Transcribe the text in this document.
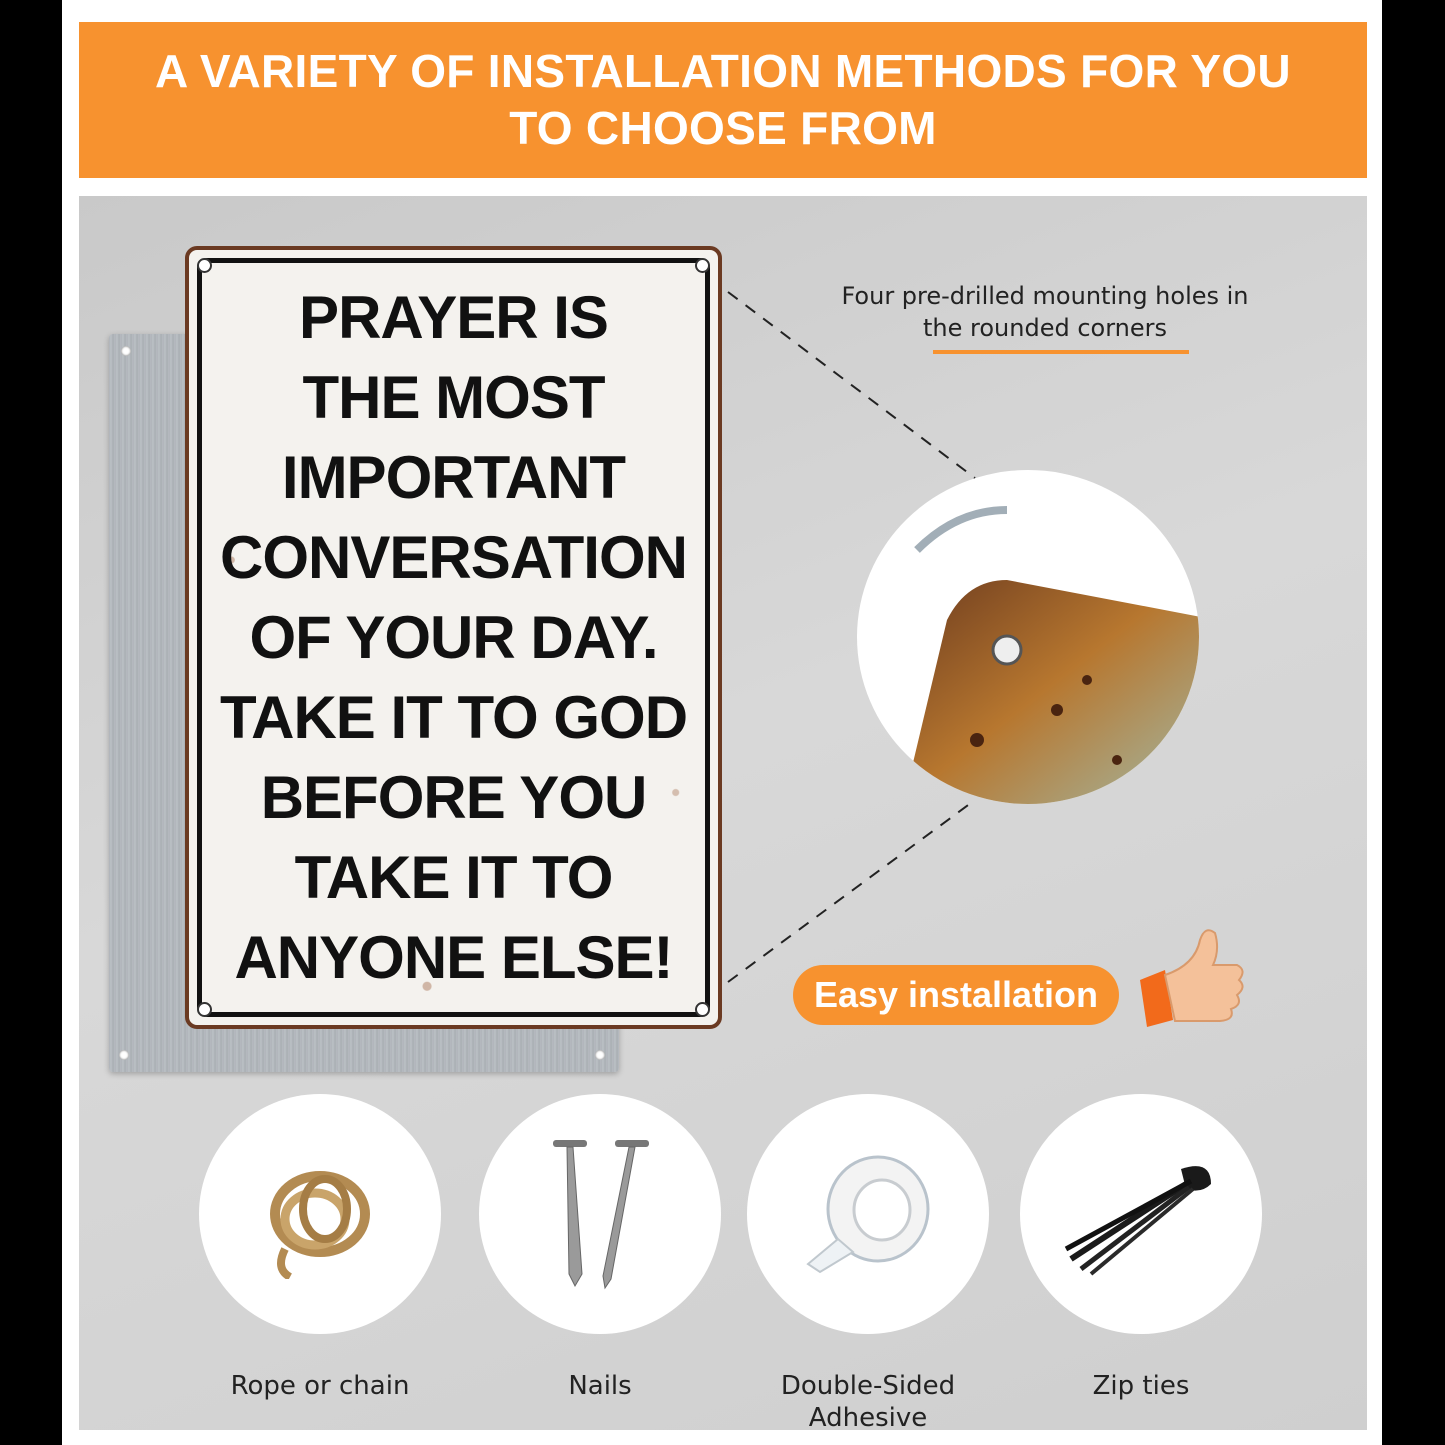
A VARIETY OF INSTALLATION METHODS FOR YOU TO CHOOSE FROM
PRAYER IS
THE MOST
IMPORTANT
CONVERSATION
OF YOUR DAY.
TAKE IT TO GOD
BEFORE YOU
TAKE IT TO
ANYONE ELSE!
Four pre-drilled mounting holes in the rounded corners
Easy installation
Rope or chain	Nails	Double-Sided Adhesive
Zip ties
